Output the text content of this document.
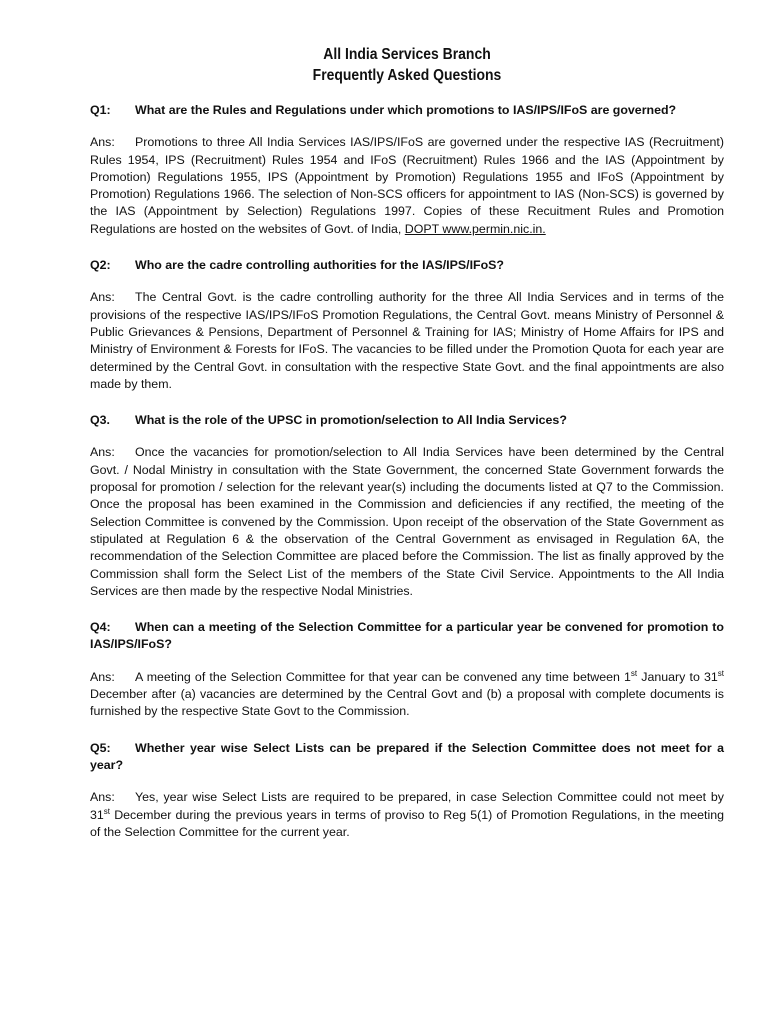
All India Services Branch
Frequently Asked Questions

Q1:	What are the Rules and Regulations under which promotions to IAS/IPS/IFoS are governed?

Ans: Promotions to three All India Services IAS/IPS/IFoS are governed under the respective IAS (Recruitment) Rules 1954, IPS (Recruitment) Rules 1954 and IFoS (Recruitment) Rules 1966 and the IAS (Appointment by Promotion) Regulations 1955, IPS (Appointment by Promotion) Regulations 1955 and IFoS (Appointment by Promotion) Regulations 1966. The selection of Non-SCS officers for appointment to IAS (Non-SCS) is governed by the IAS (Appointment by Selection) Regulations 1997. Copies of these Recuitment Rules and Promotion Regulations are hosted on the websites of Govt. of India, DOPT www.permin.nic.in.

Q2:	Who are the cadre controlling authorities for the IAS/IPS/IFoS?

Ans: The Central Govt. is the cadre controlling authority for the three All India Services and in terms of the provisions of the respective IAS/IPS/IFoS Promotion Regulations, the Central Govt. means Ministry of Personnel & Public Grievances & Pensions, Department of Personnel & Training for IAS; Ministry of Home Affairs for IPS and Ministry of Environment & Forests for IFoS. The vacancies to be filled under the Promotion Quota for each year are determined by the Central Govt. in consultation with the respective State Govt. and the final appointments are also made by them.

Q3.	What is the role of the UPSC in promotion/selection to All India Services?

Ans: Once the vacancies for promotion/selection to All India Services have been determined by the Central Govt. / Nodal Ministry in consultation with the State Government, the concerned State Government forwards the proposal for promotion / selection for the relevant year(s) including the documents listed at Q7 to the Commission. Once the proposal has been examined in the Commission and deficiencies if any rectified, the meeting of the Selection Committee is convened by the Commission. Upon receipt of the observation of the State Government as stipulated at Regulation 6 & the observation of the Central Government as envisaged in Regulation 6A, the recommendation of the Selection Committee are placed before the Commission. The list as finally approved by the Commission shall form the Select List of the members of the State Civil Service. Appointments to the All India Services are then made by the respective Nodal Ministries.

Q4: When can a meeting of the Selection Committee for a particular year be convened for promotion to IAS/IPS/IFoS?

Ans: A meeting of the Selection Committee for that year can be convened any time between 1st January to 31st December after (a) vacancies are determined by the Central Govt and (b) a proposal with complete documents is furnished by the respective State Govt to the Commission.

Q5: Whether year wise Select Lists can be prepared if the Selection Committee does not meet for a year?

Ans: Yes, year wise Select Lists are required to be prepared, in case Selection Committee could not meet by 31st December during the previous years in terms of proviso to Reg 5(1) of Promotion Regulations, in the meeting of the Selection Committee for the current year.
